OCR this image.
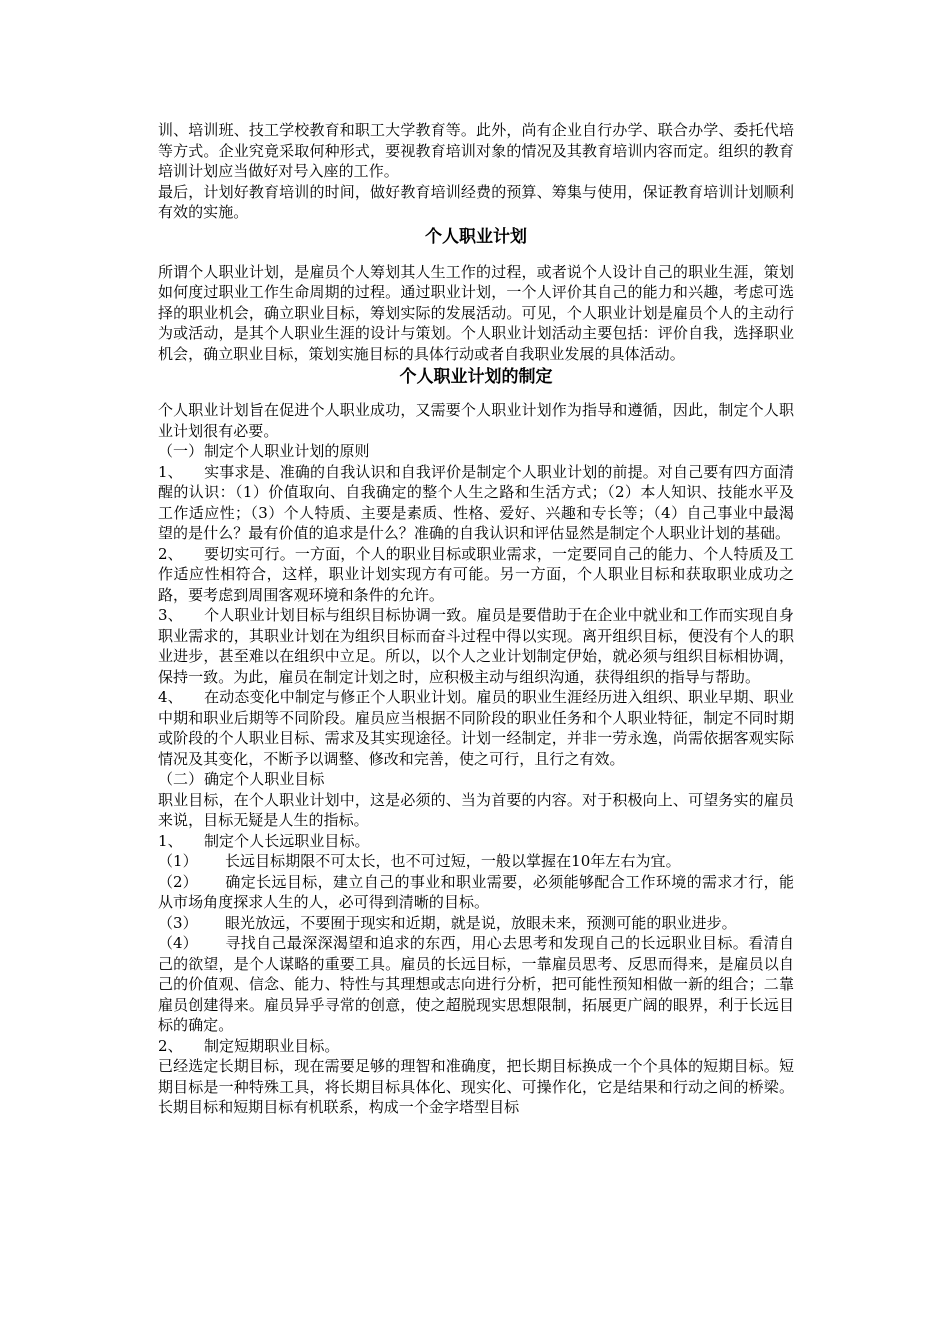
训、培训班、技工学校教育和职工大学教育等。此外，尚有企业自行办学、联合办学、委托代培等方式。企业究竟采取何种形式，要视教育培训对象的情况及其教育培训内容而定。组织的教育培训计划应当做好对号入座的工作。

最后，计划好教育培训的时间，做好教育培训经费的预算、筹集与使用，保证教育培训计划顺利有效的实施。

个人职业计划

所谓个人职业计划，是雇员个人筹划其人生工作的过程，或者说个人设计自己的职业生涯，策划如何度过职业工作生命周期的过程。通过职业计划，一个人评价其自己的能力和兴趣，考虑可选择的职业机会，确立职业目标，筹划实际的发展活动。可见，个人职业计划是雇员个人的主动行为或活动，是其个人职业生涯的设计与策划。个人职业计划活动主要包括：评价自我，选择职业机会，确立职业目标，策划实施目标的具体行动或者自我职业发展的具体活动。

个人职业计划的制定

个人职业计划旨在促进个人职业成功，又需要个人职业计划作为指导和遵循，因此，制定个人职业计划很有必要。

（一）制定个人职业计划的原则

1、 实事求是、准确的自我认识和自我评价是制定个人职业计划的前提。对自己要有四方面清醒的认识：（1）价值取向、自我确定的整个人生之路和生活方式；（2）本人知识、技能水平及工作适应性；（3）个人特质、主要是素质、性格、爱好、兴趣和专长等；（4）自己事业中最渴望的是什么？最有价值的追求是什么？准确的自我认识和评估显然是制定个人职业计划的基础。

2、 要切实可行。一方面，个人的职业目标或职业需求，一定要同自己的能力、个人特质及工作适应性相符合，这样，职业计划实现方有可能。另一方面，个人职业目标和获取职业成功之路，要考虑到周围客观环境和条件的允许。

3、 个人职业计划目标与组织目标协调一致。雇员是要借助于在企业中就业和工作而实现自身职业需求的，其职业计划在为组织目标而奋斗过程中得以实现。离开组织目标，便没有个人的职业进步，甚至难以在组织中立足。所以，以个人之业计划制定伊始，就必须与组织目标相协调，保持一致。为此，雇员在制定计划之时，应积极主动与组织沟通，获得组织的指导与帮助。

4、 在动态变化中制定与修正个人职业计划。雇员的职业生涯经历进入组织、职业早期、职业中期和职业后期等不同阶段。雇员应当根据不同阶段的职业任务和个人职业特征，制定不同时期或阶段的个人职业目标、需求及其实现途径。计划一经制定，并非一劳永逸，尚需依据客观实际情况及其变化，不断予以调整、修改和完善，使之可行，且行之有效。

（二）确定个人职业目标

职业目标，在个人职业计划中，这是必须的、当为首要的内容。对于积极向上、可望务实的雇员来说，目标无疑是人生的指标。

1、 制定个人长远职业目标。

（1） 长远目标期限不可太长，也不可过短，一般以掌握在10年左右为宜。

（2） 确定长远目标，建立自己的事业和职业需要，必须能够配合工作环境的需求才行，能从市场角度探求人生的人，必可得到清晰的目标。

（3） 眼光放远，不要囿于现实和近期，就是说，放眼未来，预测可能的职业进步。

（4） 寻找自己最深深渴望和追求的东西，用心去思考和发现自己的长远职业目标。看清自己的欲望，是个人谋略的重要工具。雇员的长远目标，一靠雇员思考、反思而得来，是雇员以自己的价值观、信念、能力、特性与其理想或志向进行分析，把可能性预知相做一新的组合；二靠雇员创建得来。雇员异乎寻常的创意，使之超脱现实思想限制，拓展更广阔的眼界，利于长远目标的确定。

2、 制定短期职业目标。

已经选定长期目标，现在需要足够的理智和准确度，把长期目标换成一个个具体的短期目标。短期目标是一种特殊工具，将长期目标具体化、现实化、可操作化，它是结果和行动之间的桥梁。长期目标和短期目标有机联系，构成一个金字塔型目标
